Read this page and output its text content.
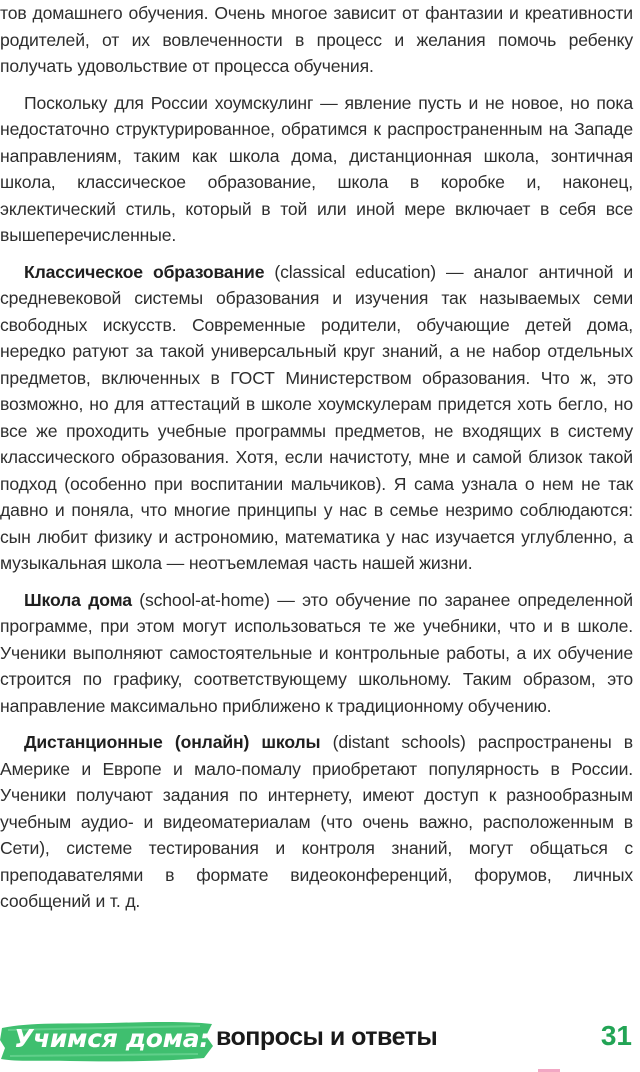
тов домашнего обучения. Очень многое зависит от фантазии и креативности родителей, от их вовлеченности в процесс и желания помочь ребенку получать удовольствие от процесса обучения.

Поскольку для России хоумскулинг — явление пусть и не новое, но пока недостаточно структурированное, обратимся к распространенным на Западе направлениям, таким как школа дома, дистанционная школа, зонтичная школа, классическое образование, школа в коробке и, наконец, эклектический стиль, который в той или иной мере включает в себя все вышеперечисленные.

Классическое образование (classical education) — аналог античной и средневековой системы образования и изучения так называемых семи свободных искусств. Современные родители, обучающие детей дома, нередко ратуют за такой универсальный круг знаний, а не набор отдельных предметов, включенных в ГОСТ Министерством образования. Что ж, это возможно, но для аттестаций в школе хоумскулерам придется хоть бегло, но все же проходить учебные программы предметов, не входящих в систему классического образования. Хотя, если начистоту, мне и самой близок такой подход (особенно при воспитании мальчиков). Я сама узнала о нем не так давно и поняла, что многие принципы у нас в семье незримо соблюдаются: сын любит физику и астрономию, математика у нас изучается углубленно, а музыкальная школа — неотъемлемая часть нашей жизни.

Школа дома (school-at-home) — это обучение по заранее определенной программе, при этом могут использоваться те же учебники, что и в школе. Ученики выполняют самостоятельные и контрольные работы, а их обучение строится по графику, соответствующему школьному. Таким образом, это направление максимально приближено к традиционному обучению.

Дистанционные (онлайн) школы (distant schools) распространены в Америке и Европе и мало-помалу приобретают популярность в России. Ученики получают задания по интернету, имеют доступ к разнообразным учебным аудио- и видеоматериалам (что очень важно, расположенным в Сети), системе тестирования и контроля знаний, могут общаться с преподавателями в формате видеоконференций, форумов, личных сообщений и т. д.

Учимся дома: вопросы и ответы	31
